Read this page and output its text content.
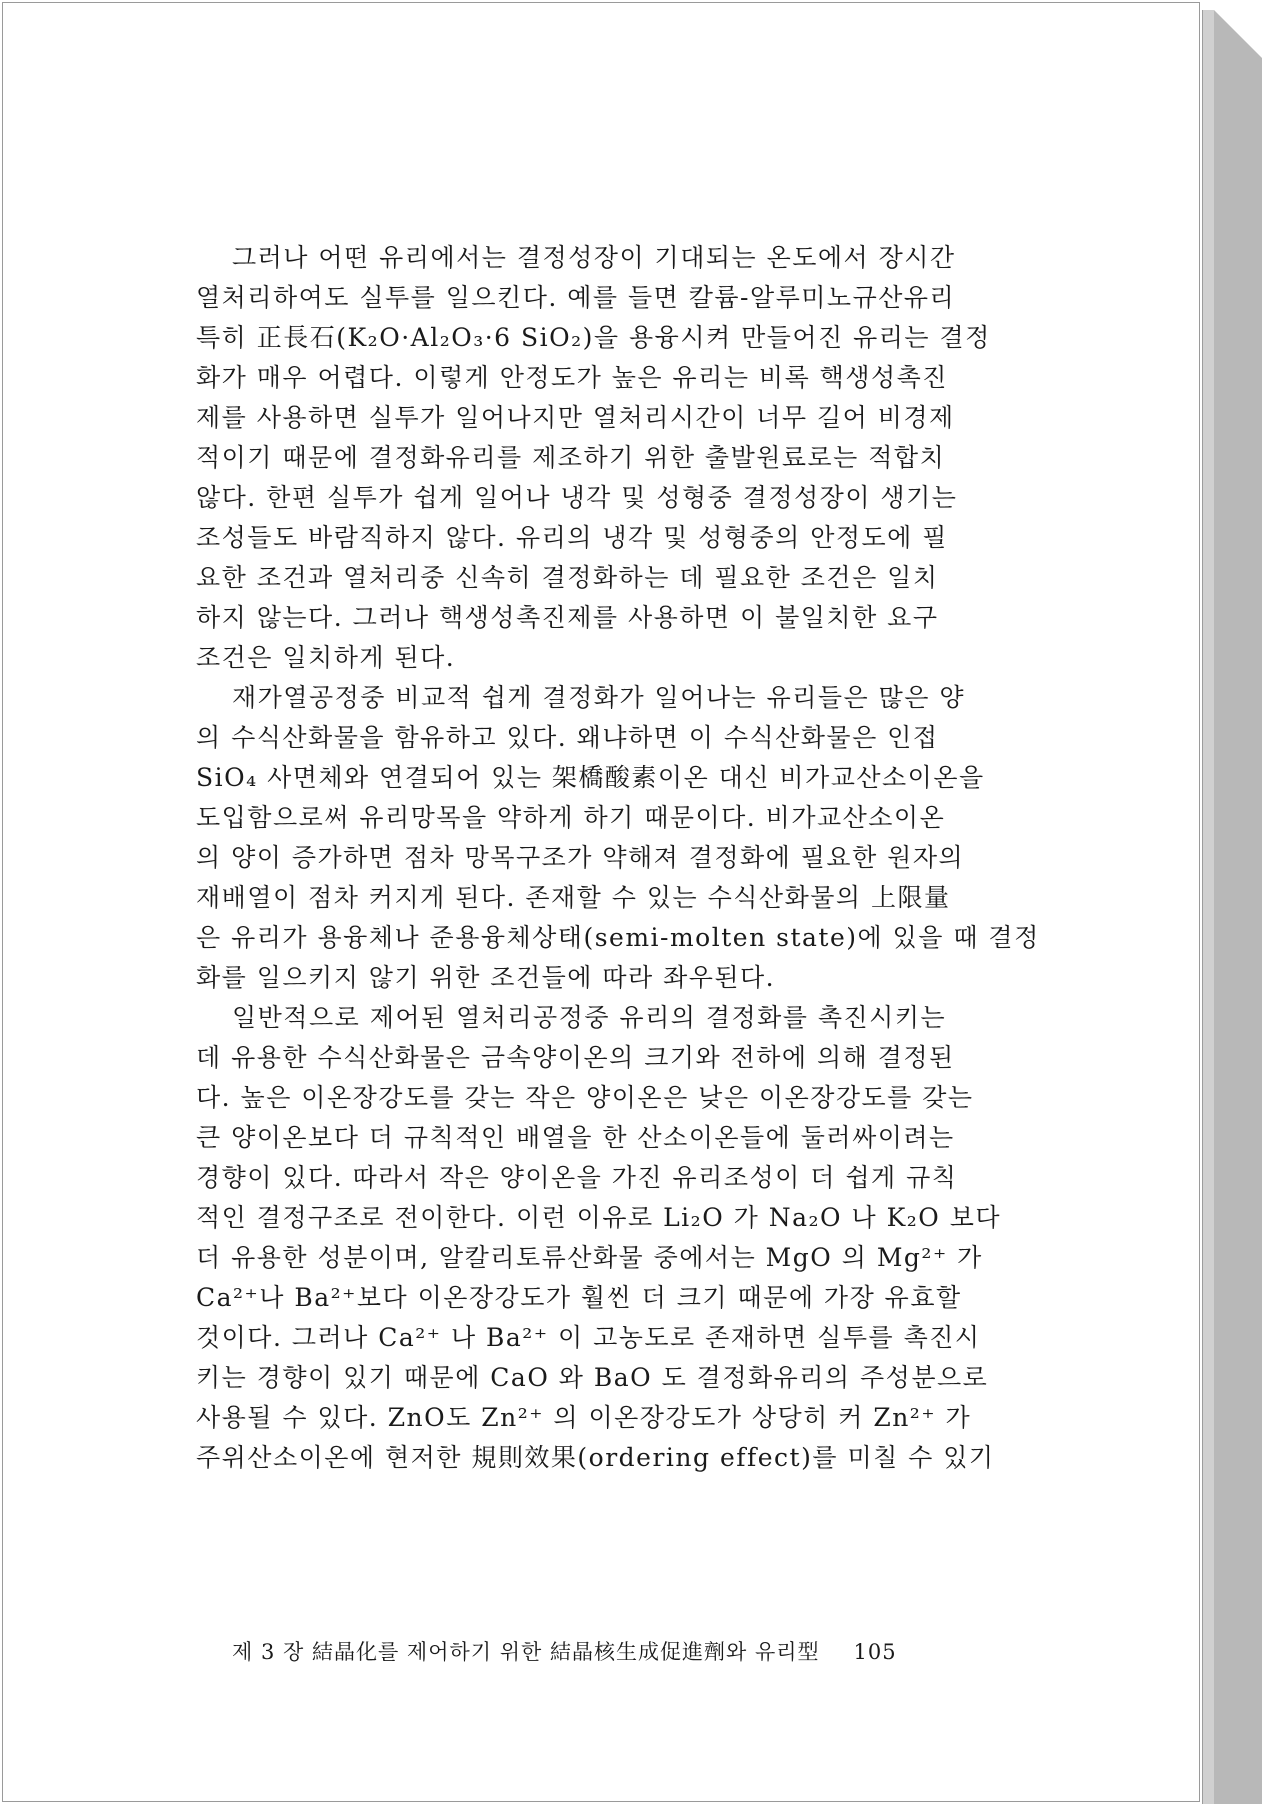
그러나 어떤 유리에서는 결정성장이 기대되는 온도에서 장시간
열처리하여도 실투를 일으킨다. 예를 들면 칼륨-알루미노규산유리
특히 正長石(K₂O·Al₂O₃·6 SiO₂)을 용융시켜 만들어진 유리는 결정
화가 매우 어렵다. 이렇게 안정도가 높은 유리는 비록 핵생성촉진
제를 사용하면 실투가 일어나지만 열처리시간이 너무 길어 비경제
적이기 때문에 결정화유리를 제조하기 위한 출발원료로는 적합치
않다. 한편 실투가 쉽게 일어나 냉각 및 성형중 결정성장이 생기는
조성들도 바람직하지 않다. 유리의 냉각 및 성형중의 안정도에 필
요한 조건과 열처리중 신속히 결정화하는 데 필요한 조건은 일치
하지 않는다. 그러나 핵생성촉진제를 사용하면 이 불일치한 요구
조건은 일치하게 된다.
재가열공정중 비교적 쉽게 결정화가 일어나는 유리들은 많은 양
의 수식산화물을 함유하고 있다. 왜냐하면 이 수식산화물은 인접
SiO₄ 사면체와 연결되어 있는 架橋酸素이온 대신 비가교산소이온을
도입함으로써 유리망목을 약하게 하기 때문이다. 비가교산소이온
의 양이 증가하면 점차 망목구조가 약해져 결정화에 필요한 원자의
재배열이 점차 커지게 된다. 존재할 수 있는 수식산화물의 上限量
은 유리가 용융체나 준용융체상태(semi-molten state)에 있을 때 결정
화를 일으키지 않기 위한 조건들에 따라 좌우된다.
일반적으로 제어된 열처리공정중 유리의 결정화를 촉진시키는
데 유용한 수식산화물은 금속양이온의 크기와 전하에 의해 결정된
다. 높은 이온장강도를 갖는 작은 양이온은 낮은 이온장강도를 갖는
큰 양이온보다 더 규칙적인 배열을 한 산소이온들에 둘러싸이려는
경향이 있다. 따라서 작은 양이온을 가진 유리조성이 더 쉽게 규칙
적인 결정구조로 전이한다. 이런 이유로 Li₂O 가 Na₂O 나 K₂O 보다
더 유용한 성분이며, 알칼리토류산화물 중에서는 MgO 의 Mg²⁺ 가
Ca²⁺나 Ba²⁺보다 이온장강도가 훨씬 더 크기 때문에 가장 유효할
것이다. 그러나 Ca²⁺ 나 Ba²⁺ 이 고농도로 존재하면 실투를 촉진시
키는 경향이 있기 때문에 CaO 와 BaO 도 결정화유리의 주성분으로
사용될 수 있다. ZnO도 Zn²⁺ 의 이온장강도가 상당히 커 Zn²⁺ 가
주위산소이온에 현저한 規則效果(ordering effect)를 미칠 수 있기
제 3 장 結晶化를 제어하기 위한 結晶核生成促進劑와 유리型 105
